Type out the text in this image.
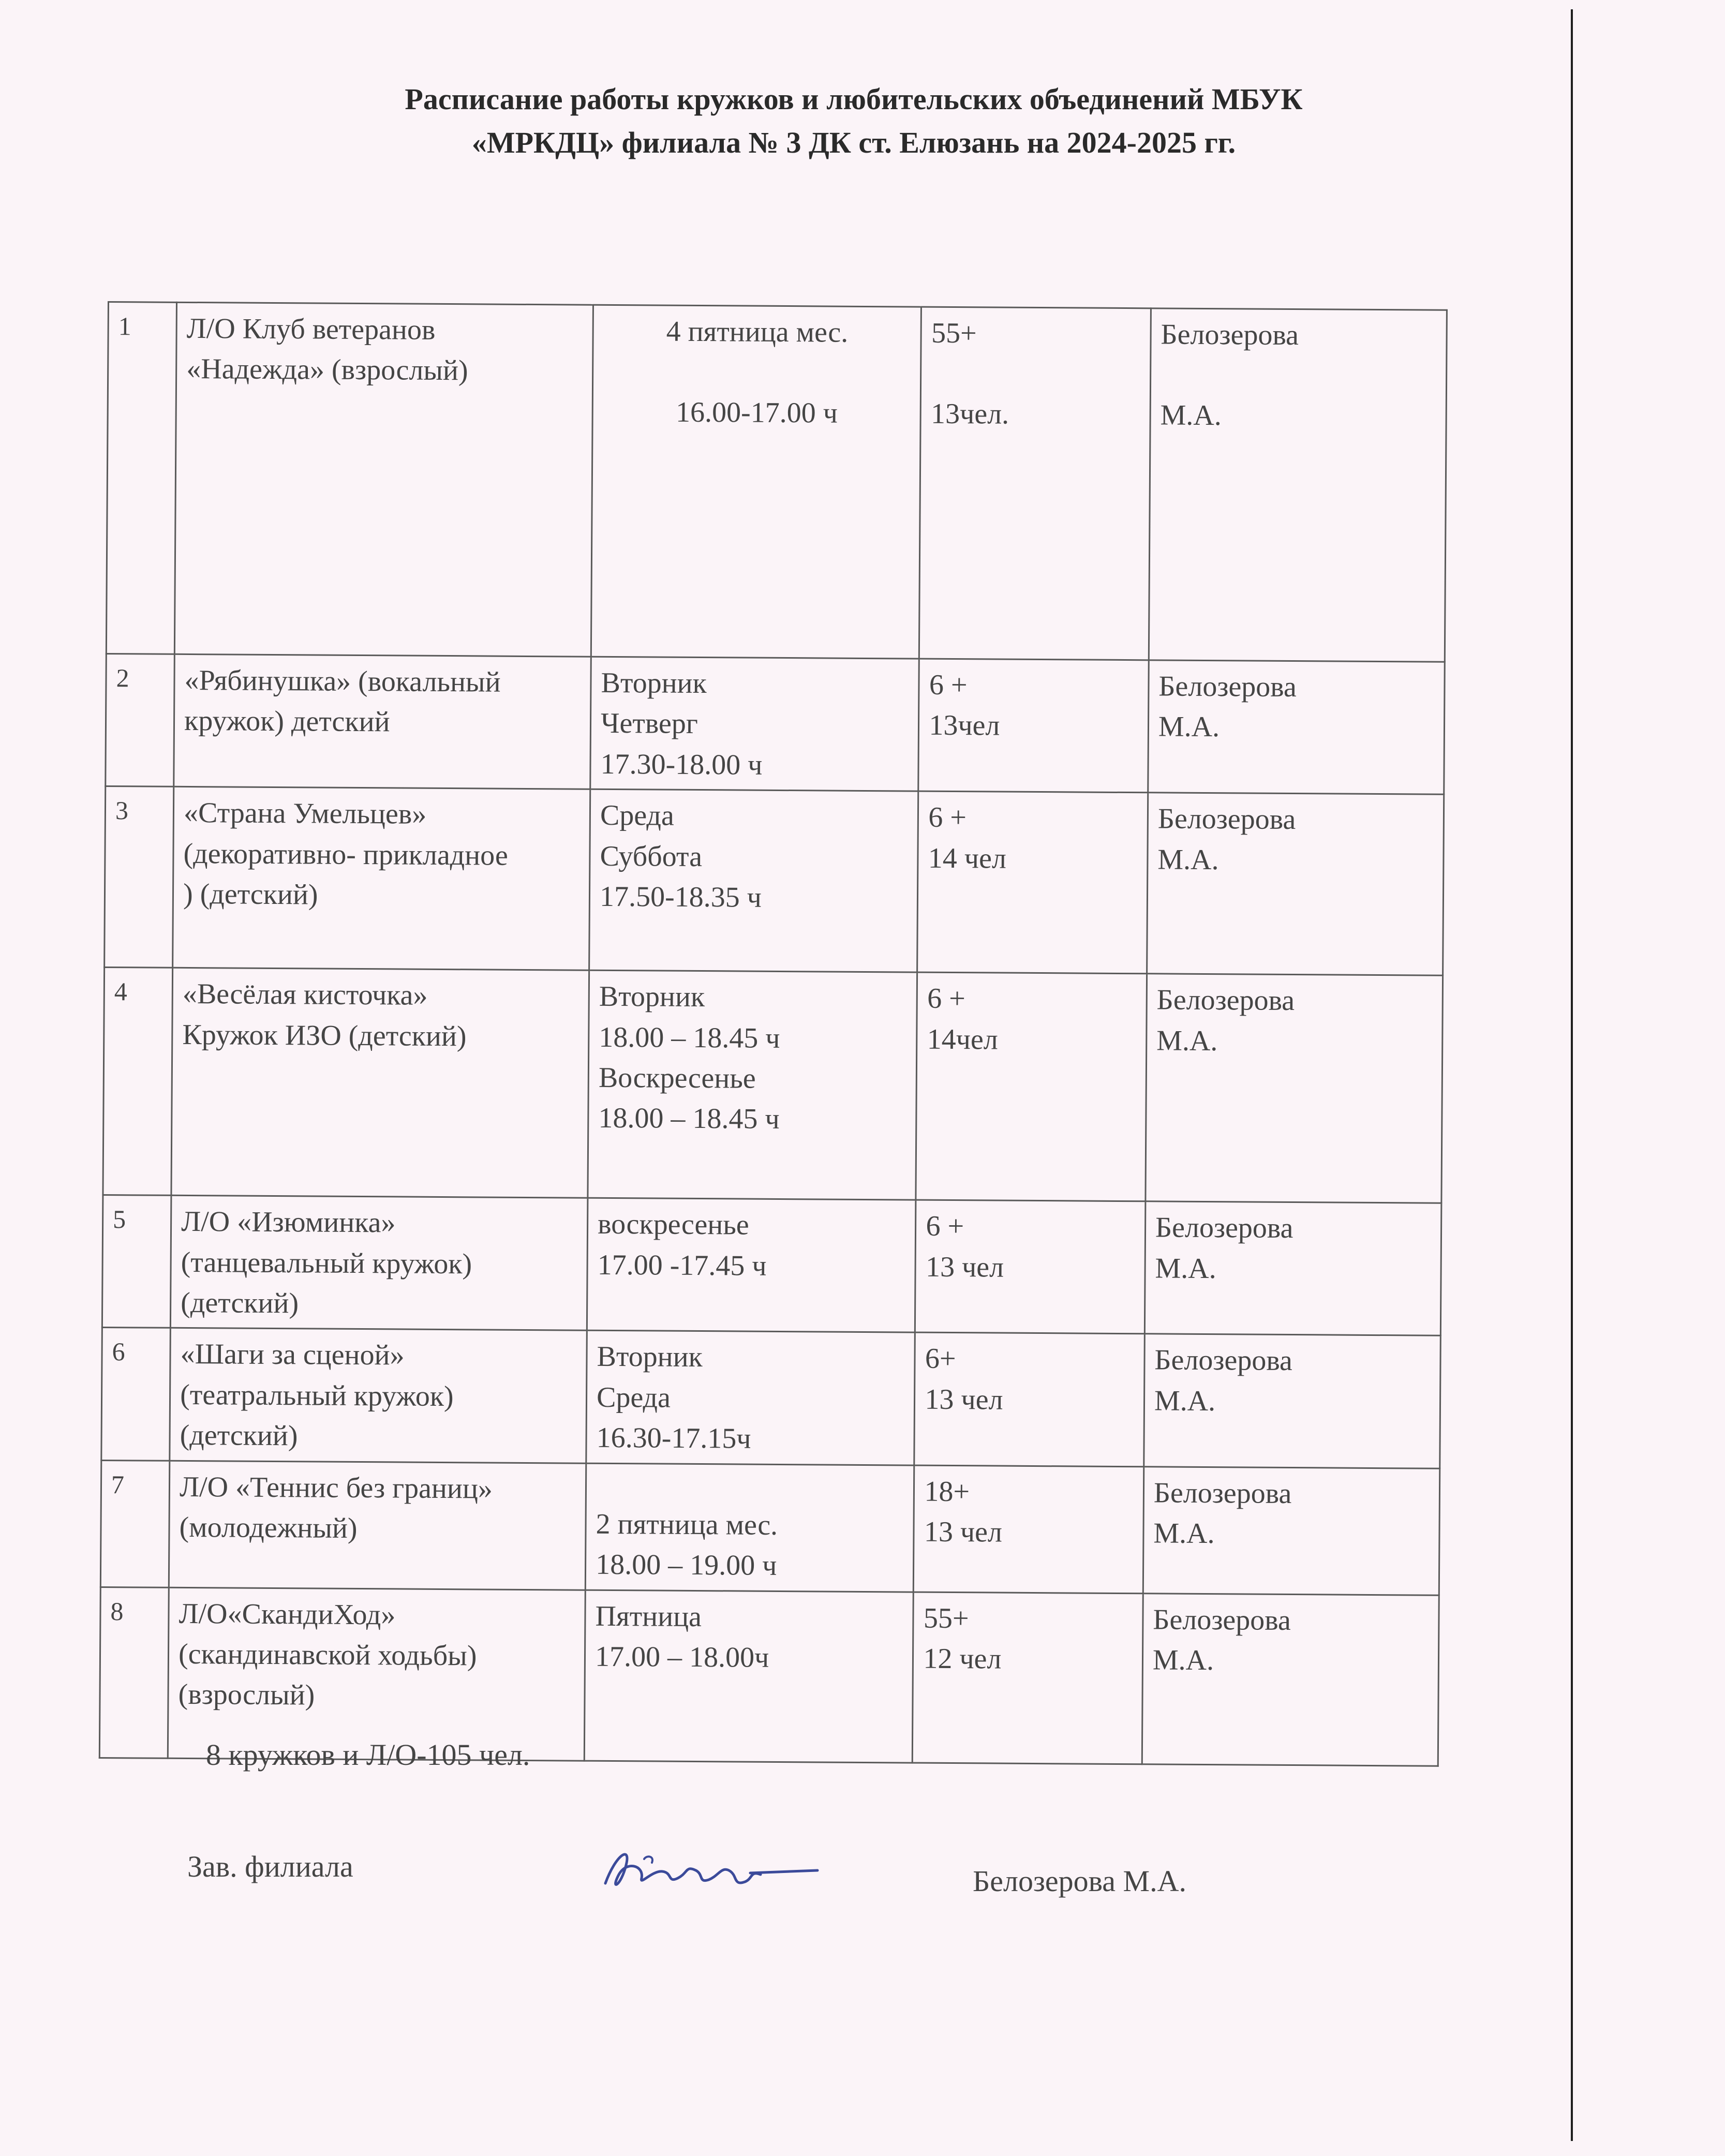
Расписание работы кружков и любительских объединений МБУК
«МРКДЦ» филиала № 3 ДК ст. Елюзань на 2024-2025 гг.
1	Л/О Клуб ветеранов
«Надежда» (взрослый)	4 пятница мес.
16.00-17.00 ч	55+
13чел.	Белозерова
М.А.

2	«Рябинушка» (вокальный
кружок) детский	Вторник
Четверг
17.30-18.00 ч	6 +
13чел	Белозерова
М.А.

3	«Страна Умельцев»
(декоративно- прикладное
) (детский)	Среда
Суббота
17.50-18.35 ч	6 +
14 чел	Белозерова
М.А.

4	«Весёлая кисточка»
Кружок ИЗО (детский)	Вторник
18.00 – 18.45 ч
Воскресенье
18.00 – 18.45 ч	6 +
14чел	Белозерова
М.А.

5	Л/О «Изюминка»
(танцевальный кружок)
(детский)	воскресенье
17.00 -17.45 ч	6 +
13 чел	Белозерова
М.А.

6	«Шаги за сценой»
(театральный кружок)
(детский)	Вторник
Среда
16.30-17.15ч	6+
13 чел	Белозерова
М.А.

7	Л/О «Теннис без границ»
(молодежный)	2 пятница мес.
18.00 – 19.00 ч	18+
13 чел	Белозерова
М.А.

8	Л/О«СкандиХод»
(скандинавской ходьбы)
(взрослый)	Пятница
17.00 – 18.00ч	55+
12 чел	Белозерова
М.А.
8 кружков и Л/О-105 чел.
Зав. филиала	Белозерова М.А.
